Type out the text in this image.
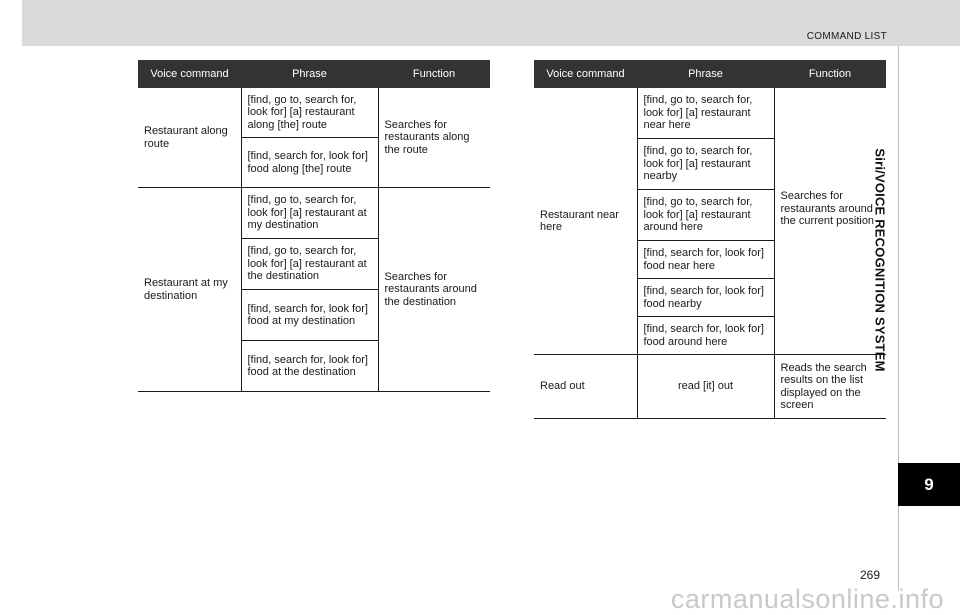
COMMAND LIST
Siri/VOICE RECOGNITION SYSTEM
9
Voice command	Phrase	Function
Restaurant along route	[find, go to, search for, look for] [a] restaurant along [the] route	Searches for restaurants along the route
	[find, search for, look for] food along [the] route	
Restaurant at my destination	[find, go to, search for, look for] [a] restaurant at my destination	Searches for restaurants around the destination
	[find, go to, search for, look for] [a] restaurant at the destination	
	[find, search for, look for] food at my destination	
	[find, search for, look for] food at the destination	
Voice command	Phrase	Function
Restaurant near here	[find, go to, search for, look for] [a] restaurant near here	Searches for restaurants around the current position
	[find, go to, search for, look for] [a] restaurant nearby	
	[find, go to, search for, look for] [a] restaurant around here	
	[find, search for, look for] food near here	
	[find, search for, look for] food nearby	
	[find, search for, look for] food around here	
Read out	read [it] out	Reads the search results on the list displayed on the screen
269
carmanualsonline.info
